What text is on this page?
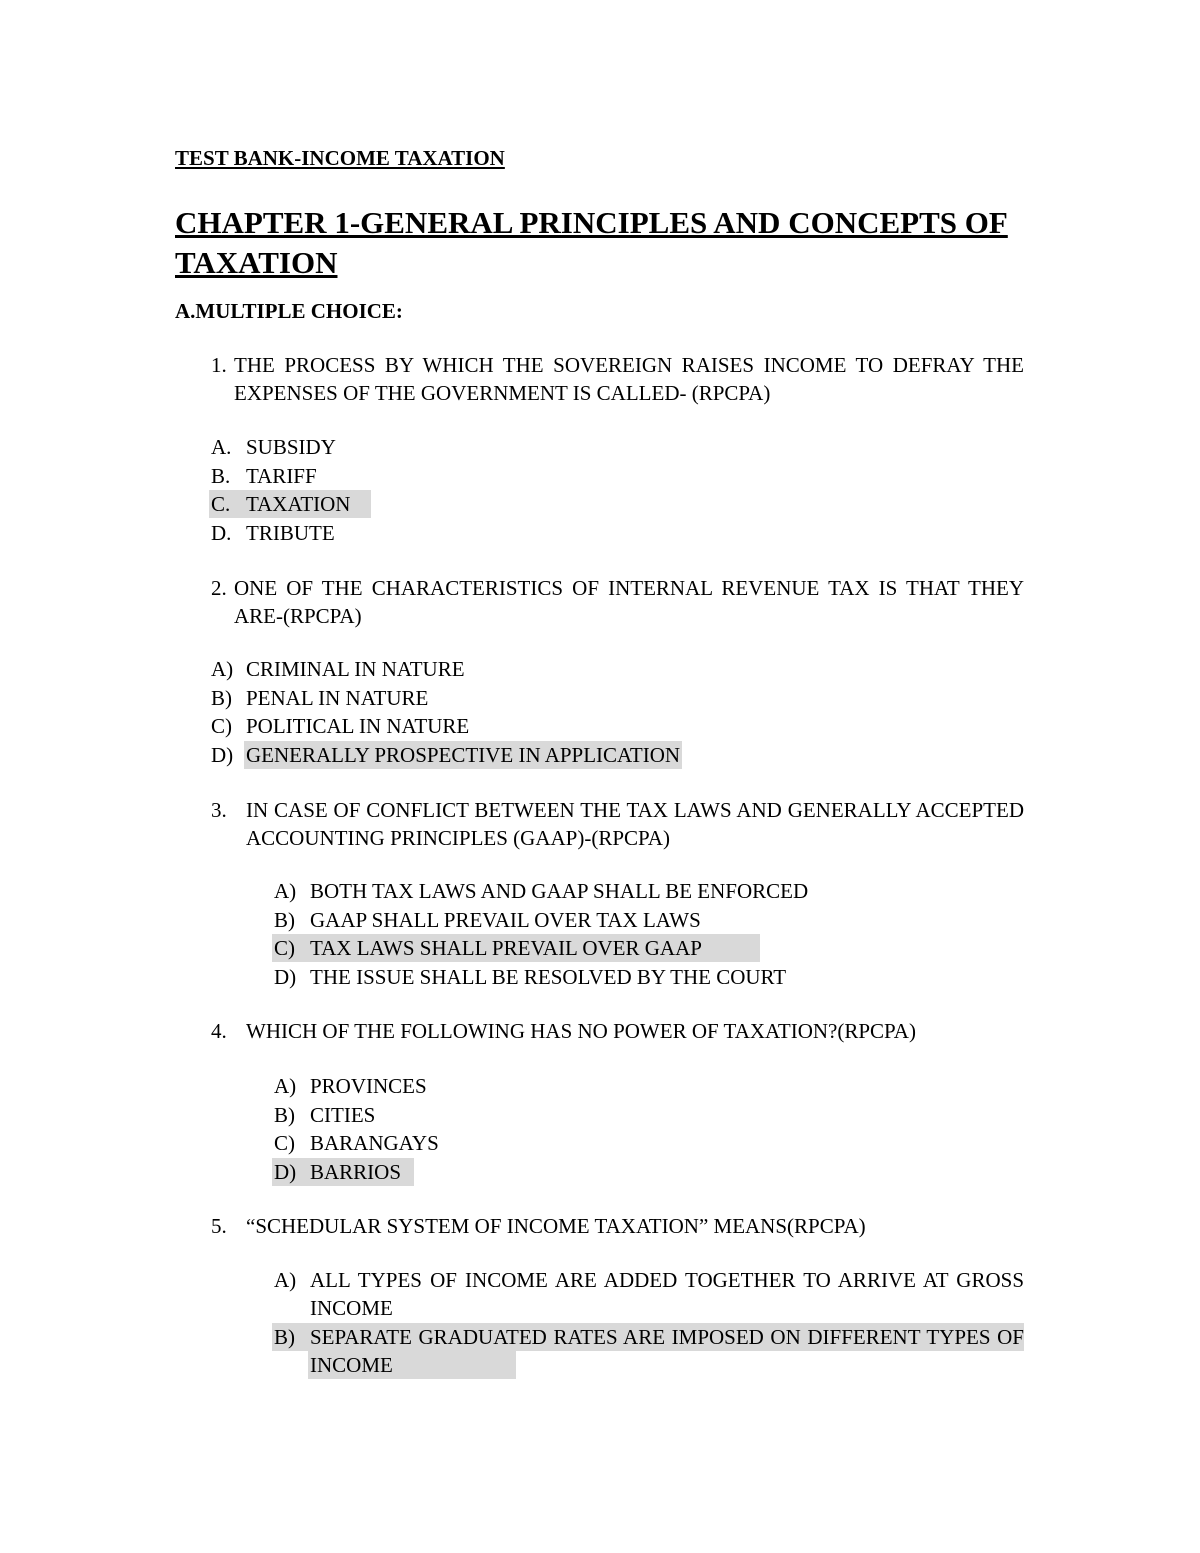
TEST BANK-INCOME TAXATION
CHAPTER 1-GENERAL PRINCIPLES AND CONCEPTS OF TAXATION
A.MULTIPLE CHOICE:
1. THE PROCESS BY WHICH THE SOVEREIGN RAISES INCOME TO DEFRAY THE EXPENSES OF THE GOVERNMENT IS CALLED- (RPCPA)
A. SUBSIDY
B. TARIFF
C. TAXATION
D. TRIBUTE
2. ONE OF THE CHARACTERISTICS OF INTERNAL REVENUE TAX IS THAT THEY ARE-(RPCPA)
A) CRIMINAL IN NATURE
B) PENAL IN NATURE
C) POLITICAL IN NATURE
D) GENERALLY PROSPECTIVE IN APPLICATION
3. IN CASE OF CONFLICT BETWEEN THE TAX LAWS AND GENERALLY ACCEPTED ACCOUNTING PRINCIPLES (GAAP)-(RPCPA)
A) BOTH TAX LAWS AND GAAP SHALL BE ENFORCED
B) GAAP SHALL PREVAIL OVER TAX LAWS
C) TAX LAWS SHALL PREVAIL OVER GAAP
D) THE ISSUE SHALL BE RESOLVED BY THE COURT
4. WHICH OF THE FOLLOWING HAS NO POWER OF TAXATION?(RPCPA)
A) PROVINCES
B) CITIES
C) BARANGAYS
D) BARRIOS
5. “SCHEDULAR SYSTEM OF INCOME TAXATION” MEANS(RPCPA)
A) ALL TYPES OF INCOME ARE ADDED TOGETHER TO ARRIVE AT GROSS INCOME
B) SEPARATE GRADUATED RATES ARE IMPOSED ON DIFFERENT TYPES OF INCOME
